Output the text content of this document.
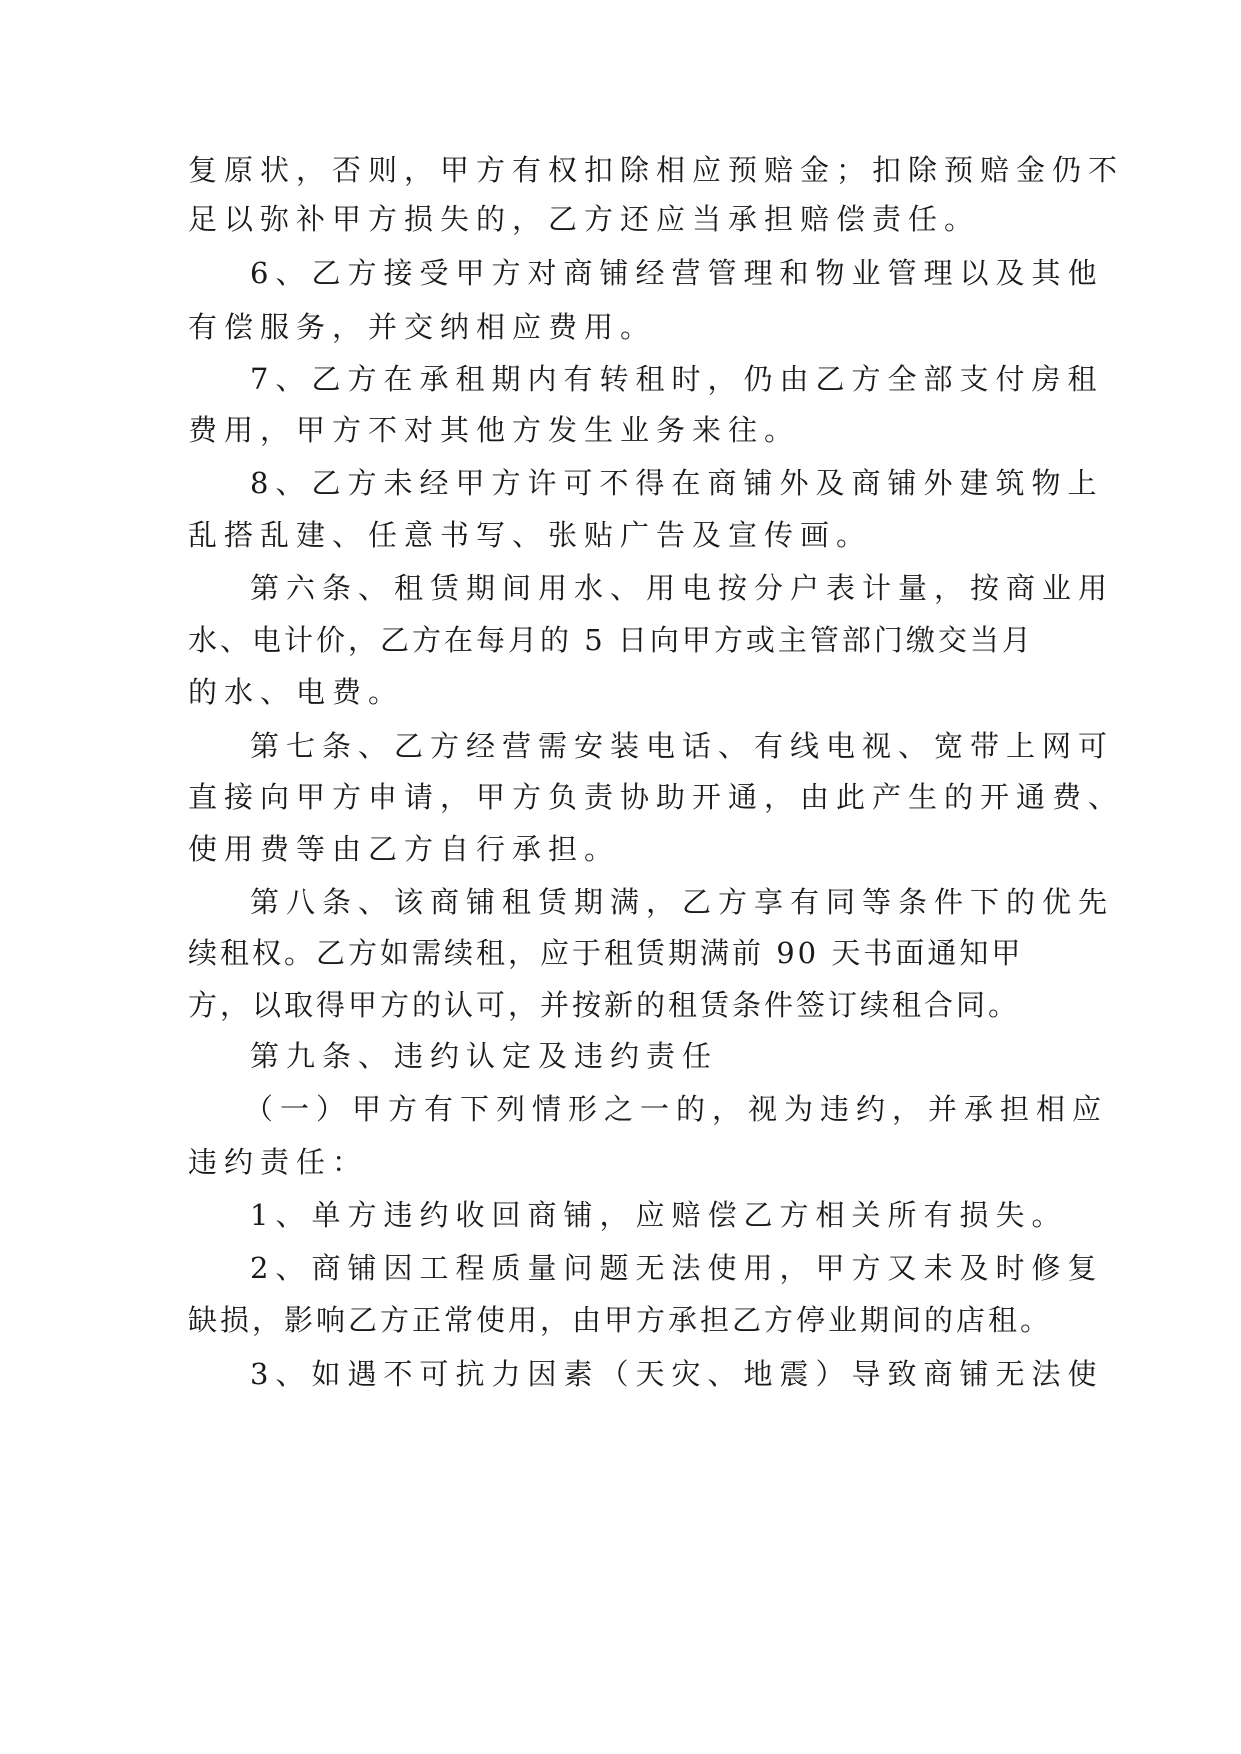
复原状，否则，甲方有权扣除相应预赔金；扣除预赔金仍不

足以弥补甲方损失的，乙方还应当承担赔偿责任。

6、乙方接受甲方对商铺经营管理和物业管理以及其他

有偿服务，并交纳相应费用。

7、乙方在承租期内有转租时，仍由乙方全部支付房租

费用，甲方不对其他方发生业务来往。

8、乙方未经甲方许可不得在商铺外及商铺外建筑物上

乱搭乱建、任意书写、张贴广告及宣传画。

第六条、租赁期间用水、用电按分户表计量，按商业用

水、电计价，乙方在每月的 5 日向甲方或主管部门缴交当月

的水、电费。

第七条、乙方经营需安装电话、有线电视、宽带上网可

直接向甲方申请，甲方负责协助开通，由此产生的开通费、

使用费等由乙方自行承担。

第八条、该商铺租赁期满，乙方享有同等条件下的优先

续租权。乙方如需续租，应于租赁期满前 90 天书面通知甲

方，以取得甲方的认可，并按新的租赁条件签订续租合同。

第九条、违约认定及违约责任

（一）甲方有下列情形之一的，视为违约，并承担相应

违约责任：

1、单方违约收回商铺，应赔偿乙方相关所有损失。

2、商铺因工程质量问题无法使用，甲方又未及时修复

缺损，影响乙方正常使用，由甲方承担乙方停业期间的店租。

3、如遇不可抗力因素（天灾、地震）导致商铺无法使
